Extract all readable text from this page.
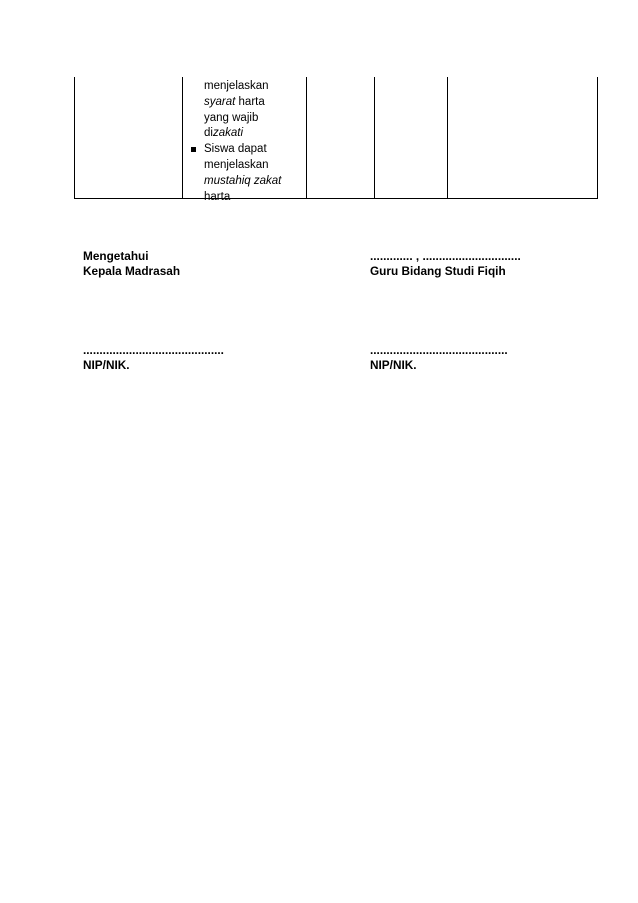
menjelaskan
syarat harta
yang wajib
dizakati
Siswa dapat
menjelaskan
mustahiq zakat
harta
Mengetahui
Kepala Madrasah
............. , ..............................
Guru Bidang Studi Fiqih
...........................................
NIP/NIK.
..........................................
NIP/NIK.
